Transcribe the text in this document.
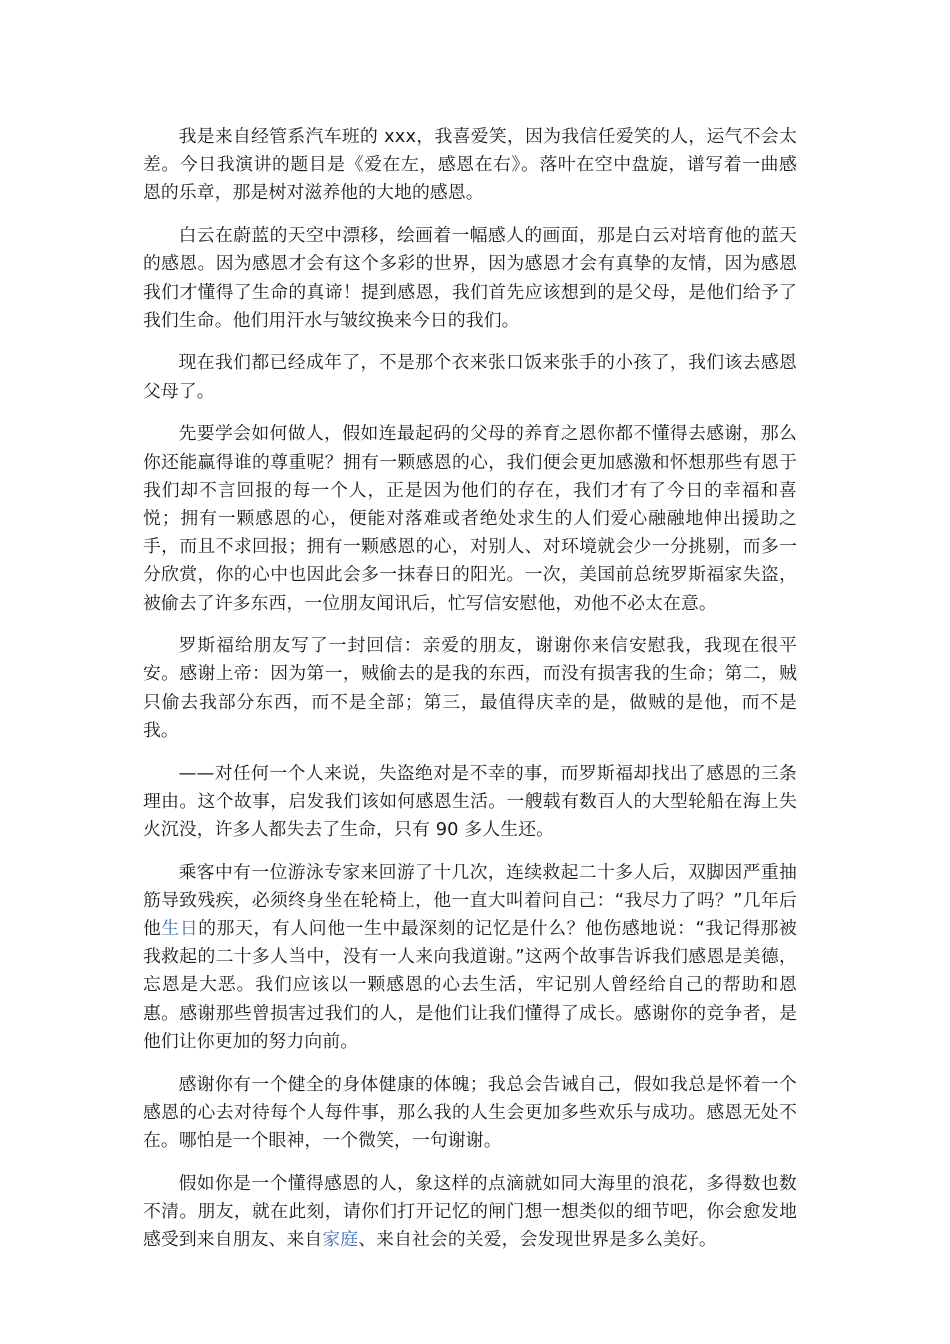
我是来自经管系汽车班的 xxx，我喜爱笑，因为我信任爱笑的人，运气不会太差。今日我演讲的题目是《爱在左，感恩在右》。落叶在空中盘旋，谱写着一曲感恩的乐章，那是树对滋养他的大地的感恩。

白云在蔚蓝的天空中漂移，绘画着一幅感人的画面，那是白云对培育他的蓝天的感恩。因为感恩才会有这个多彩的世界，因为感恩才会有真挚的友情，因为感恩我们才懂得了生命的真谛！提到感恩，我们首先应该想到的是父母，是他们给予了我们生命。他们用汗水与皱纹换来今日的我们。

现在我们都已经成年了，不是那个衣来张口饭来张手的小孩了，我们该去感恩父母了。

先要学会如何做人，假如连最起码的父母的养育之恩你都不懂得去感谢，那么你还能赢得谁的尊重呢？拥有一颗感恩的心，我们便会更加感激和怀想那些有恩于我们却不言回报的每一个人，正是因为他们的存在，我们才有了今日的幸福和喜悦；拥有一颗感恩的心，便能对落难或者绝处求生的人们爱心融融地伸出援助之手，而且不求回报；拥有一颗感恩的心，对别人、对环境就会少一分挑剔，而多一分欣赏，你的心中也因此会多一抹春日的阳光。一次，美国前总统罗斯福家失盗，被偷去了许多东西，一位朋友闻讯后，忙写信安慰他，劝他不必太在意。

罗斯福给朋友写了一封回信：亲爱的朋友，谢谢你来信安慰我，我现在很平安。感谢上帝：因为第一，贼偷去的是我的东西，而没有损害我的生命；第二，贼只偷去我部分东西，而不是全部；第三，最值得庆幸的是，做贼的是他，而不是我。

——对任何一个人来说，失盗绝对是不幸的事，而罗斯福却找出了感恩的三条理由。这个故事，启发我们该如何感恩生活。一艘载有数百人的大型轮船在海上失火沉没，许多人都失去了生命，只有 90 多人生还。

乘客中有一位游泳专家来回游了十几次，连续救起二十多人后，双脚因严重抽筋导致残疾，必须终身坐在轮椅上，他一直大叫着问自己：“我尽力了吗？”几年后他生日的那天，有人问他一生中最深刻的记忆是什么？他伤感地说：“我记得那被我救起的二十多人当中，没有一人来向我道谢。”这两个故事告诉我们感恩是美德，忘恩是大恶。我们应该以一颗感恩的心去生活，牢记别人曾经给自己的帮助和恩惠。感谢那些曾损害过我们的人，是他们让我们懂得了成长。感谢你的竞争者，是他们让你更加的努力向前。

感谢你有一个健全的身体健康的体魄；我总会告诫自己，假如我总是怀着一个感恩的心去对待每个人每件事，那么我的人生会更加多些欢乐与成功。感恩无处不在。哪怕是一个眼神，一个微笑，一句谢谢。

假如你是一个懂得感恩的人，象这样的点滴就如同大海里的浪花，多得数也数不清。朋友，就在此刻，请你们打开记忆的闸门想一想类似的细节吧，你会愈发地感受到来自朋友、来自家庭、来自社会的关爱，会发现世界是多么美好。
